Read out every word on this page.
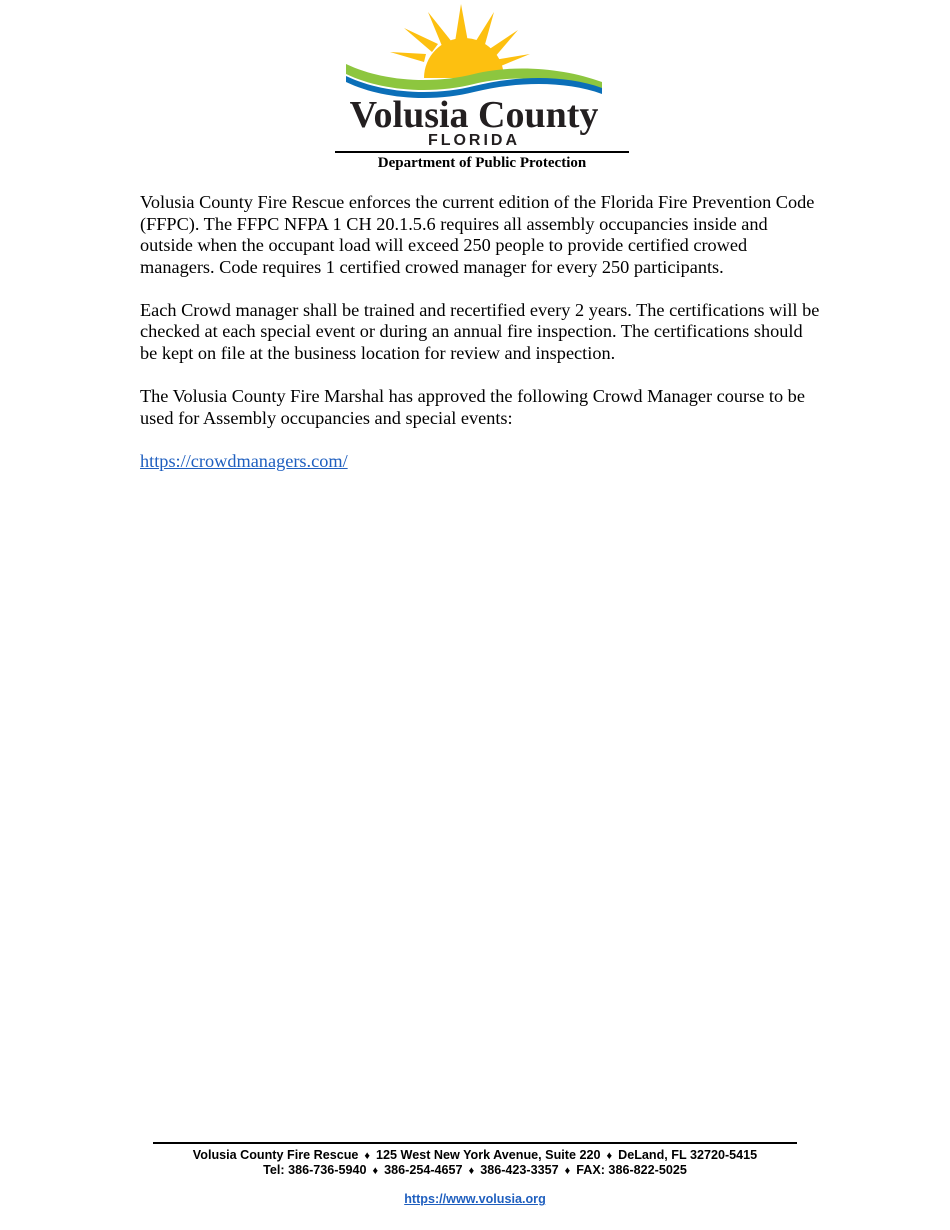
Volusia County
FLORIDA
Department of Public Protection

Volusia County Fire Rescue enforces the current edition of the Florida Fire Prevention Code (FFPC). The FFPC NFPA 1 CH 20.1.5.6 requires all assembly occupancies inside and outside when the occupant load will exceed 250 people to provide certified crowed managers. Code requires 1 certified crowed manager for every 250 participants.

Each Crowd manager shall be trained and recertified every 2 years. The certifications will be checked at each special event or during an annual fire inspection. The certifications should be kept on file at the business location for review and inspection.

The Volusia County Fire Marshal has approved the following Crowd Manager course to be used for Assembly occupancies and special events:

https://crowdmanagers.com/

Volusia County Fire Rescue ♦ 125 West New York Avenue, Suite 220 ♦ DeLand, FL 32720-5415
Tel: 386-736-5940 ♦ 386-254-4657 ♦ 386-423-3357 ♦ FAX: 386-822-5025
https://www.volusia.org
